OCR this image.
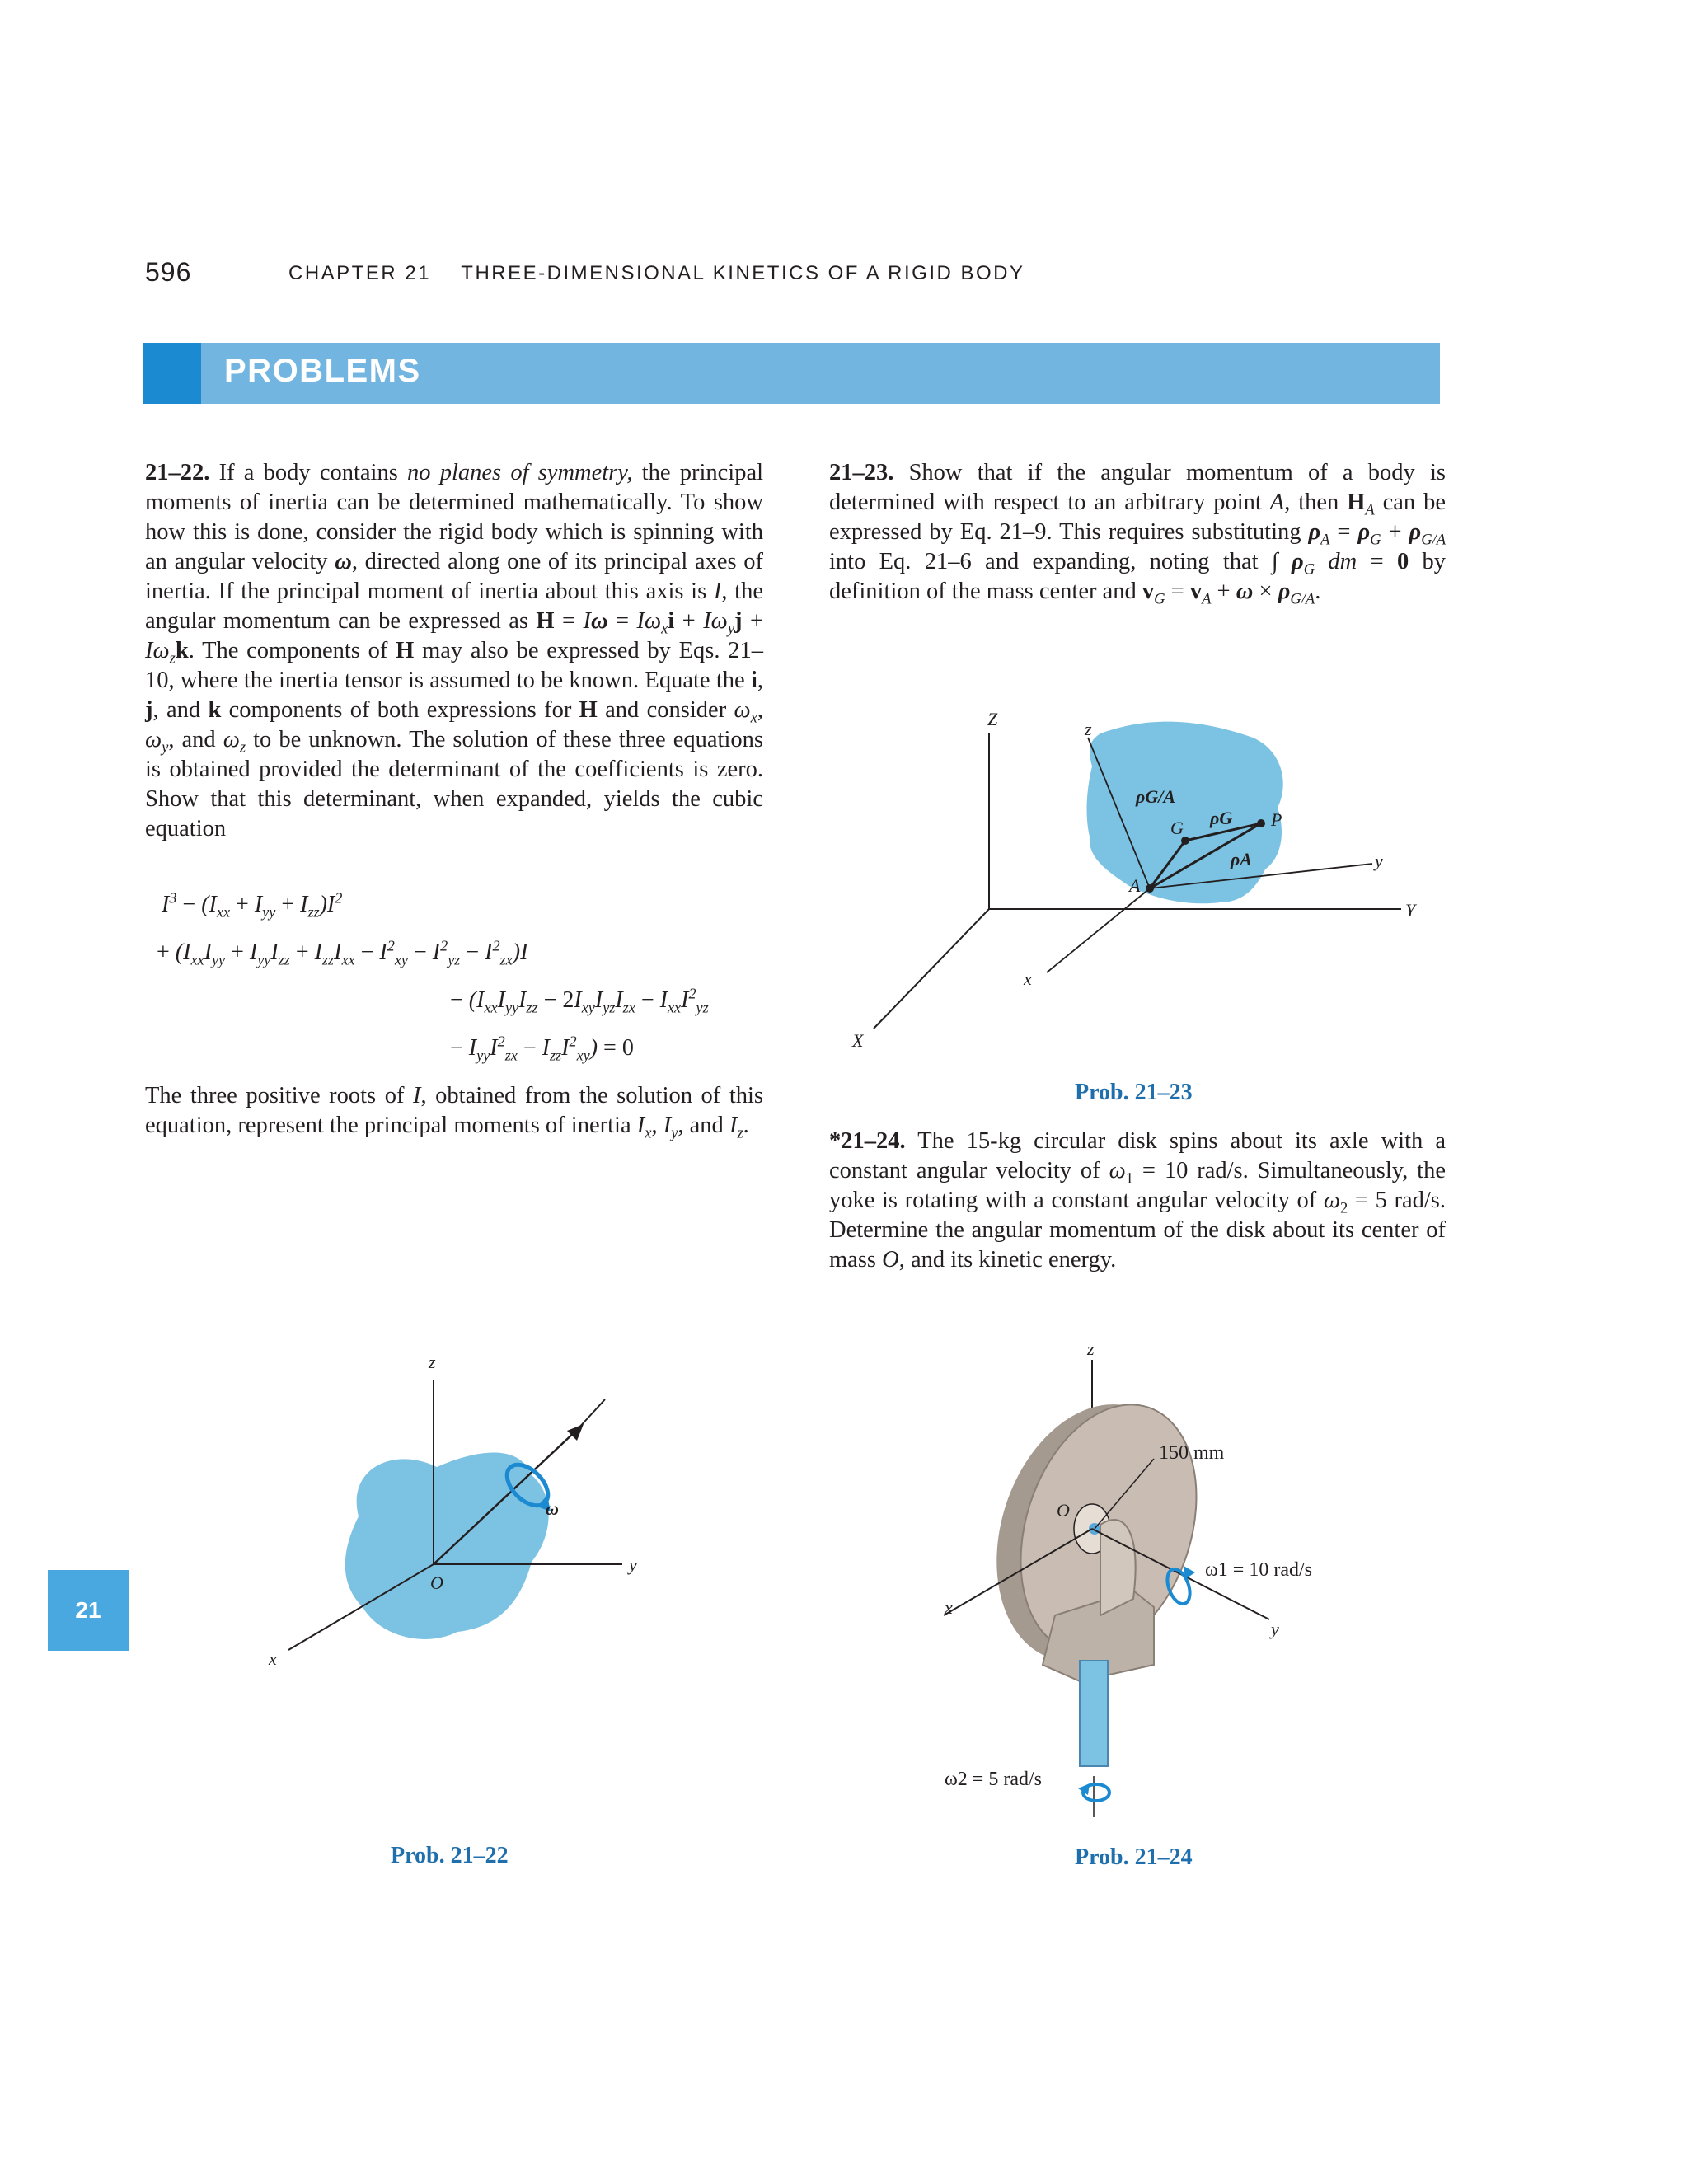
596	CHAPTER 21 THREE-DIMENSIONAL KINETICS OF A RIGID BODY
PROBLEMS
21
21–22. If a body contains no planes of symmetry, the principal moments of inertia can be determined mathematically. To show how this is done, consider the rigid body which is spinning with an angular velocity ω, directed along one of its principal axes of inertia. If the principal moment of inertia about this axis is I, the angular momentum can be expressed as $H = I\omega = I\omega_xi + I\omega_yj + I\omega_zk$. The components of H may also be expressed by Eqs. 21–10, where the inertia tensor is assumed to be known. Equate the i, j, and k components of both expressions for H and consider $\omega_x$, $\omega_y$, and $\omega_z$ to be unknown. The solution of these three equations is obtained provided the determinant of the coefficients is zero. Show that this determinant, when expanded, yields the cubic equation
$I^3 - (I_{xx} + I_{yy} + I_{zz})I^2$
+ $(I_{xx}I_{yy} + I_{yy}I_{zz} + I_{zz}I_{xx} - I^2_{xy} - I^2_{yz} - I^2_{zx})I$
− ($I_{xx}I_{yy}I_{zz} - 2I_{xy}I_{yz}I_{zx} - I_{xx}I^2_{yz}$
− $I_{yy}I^2_{zx} - I_{zz}I^2_{xy}) = 0$
The three positive roots of I, obtained from the solution of this equation, represent the principal moments of inertia $I_x$, $I_y$, and $I_z$.
21–23. Show that if the angular momentum of a body is determined with respect to an arbitrary point A, then $H_A$ can be expressed by Eq. 21–9. This requires substituting $\rho_A = \rho_G + \rho_{G/A}$ into Eq. 21–6 and expanding, noting that ∫ $\rho_G$ dm = 0 by definition of the mass center and $v_G = v_A + \omega \times \rho_{G/A}$.
*21–24. The 15-kg circular disk spins about its axle with a constant angular velocity of $\omega_1 = 10$ rad/s. Simultaneously, the yoke is rotating with a constant angular velocity of $\omega_2 = 5$ rad/s. Determine the angular momentum of the disk about its center of mass O, and its kinetic energy.
z
y
x
O
ω
Prob. 21–22
Z
Y
X
z
y
x
A
G	P
ρG/A
ρG
ρA
Prob. 21–23
z
y
x
O
150 mm
ω1 = 10 rad/s
ω2 = 5 rad/s
Prob. 21–24
